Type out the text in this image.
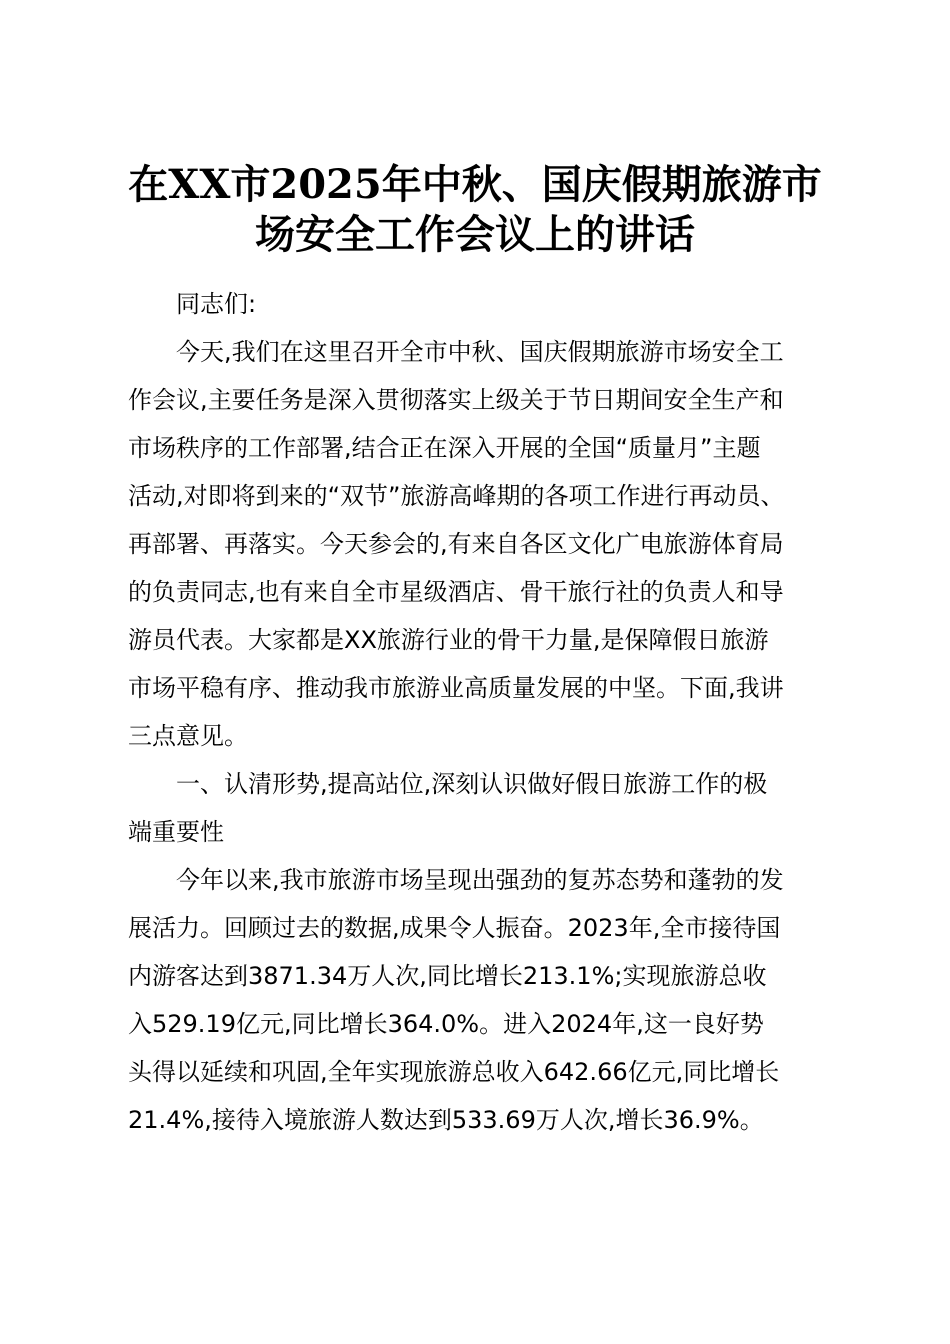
在XX市2025年中秋、国庆假期旅游市
场安全工作会议上的讲话
同志们:
今天,我们在这里召开全市中秋、国庆假期旅游市场安全工
作会议,主要任务是深入贯彻落实上级关于节日期间安全生产和
市场秩序的工作部署,结合正在深入开展的全国“质量月”主题
活动,对即将到来的“双节”旅游高峰期的各项工作进行再动员、
再部署、再落实。今天参会的,有来自各区文化广电旅游体育局
的负责同志,也有来自全市星级酒店、骨干旅行社的负责人和导
游员代表。大家都是XX旅游行业的骨干力量,是保障假日旅游
市场平稳有序、推动我市旅游业高质量发展的中坚。下面,我讲
三点意见。
一、认清形势,提高站位,深刻认识做好假日旅游工作的极
端重要性
今年以来,我市旅游市场呈现出强劲的复苏态势和蓬勃的发
展活力。回顾过去的数据,成果令人振奋。2023年,全市接待国
内游客达到3871.34万人次,同比增长213.1%;实现旅游总收
入529.19亿元,同比增长364.0%。进入2024年,这一良好势
头得以延续和巩固,全年实现旅游总收入642.66亿元,同比增长
21.4%,接待入境旅游人数达到533.69万人次,增长36.9%。
